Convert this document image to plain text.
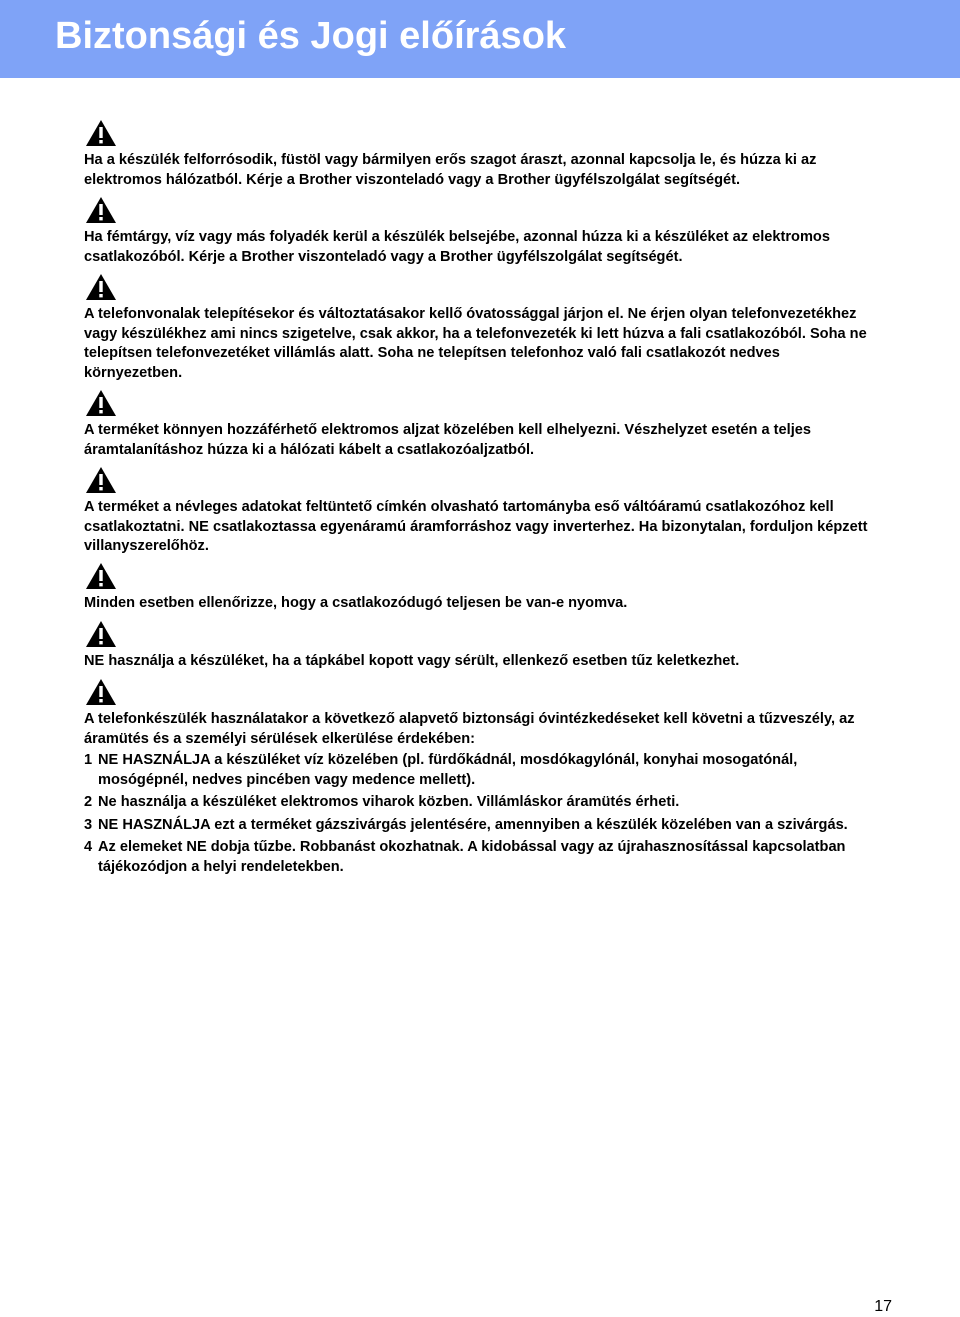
Biztonsági és Jogi előírások

Ha a készülék felforrósodik, füstöl vagy bármilyen erős szagot áraszt, azonnal kapcsolja le, és húzza ki az elektromos hálózatból. Kérje a Brother viszonteladó vagy a Brother ügyfélszolgálat segítségét.

Ha fémtárgy, víz vagy más folyadék kerül a készülék belsejébe, azonnal húzza ki a készüléket az elektromos csatlakozóból. Kérje a Brother viszonteladó vagy a Brother ügyfélszolgálat segítségét.

A telefonvonalak telepítésekor és változtatásakor kellő óvatossággal járjon el. Ne érjen olyan telefonvezetékhez vagy készülékhez ami nincs szigetelve, csak akkor, ha a telefonvezeték ki lett húzva a fali csatlakozóból. Soha ne telepítsen telefonvezetéket villámlás alatt. Soha ne telepítsen telefonhoz való fali csatlakozót nedves környezetben.

A terméket könnyen hozzáférhető elektromos aljzat közelében kell elhelyezni. Vészhelyzet esetén a teljes áramtalanításhoz húzza ki a hálózati kábelt a csatlakozóaljzatból.

A terméket a névleges adatokat feltüntető címkén olvasható tartományba eső váltóáramú csatlakozóhoz kell csatlakoztatni. NE csatlakoztassa egyenáramú áramforráshoz vagy inverterhez. Ha bizonytalan, forduljon képzett villanyszerelőhöz.

Minden esetben ellenőrizze, hogy a csatlakozódugó teljesen be van-e nyomva.

NE használja a készüléket, ha a tápkábel kopott vagy sérült, ellenkező esetben tűz keletkezhet.

A telefonkészülék használatakor a következő alapvető biztonsági óvintézkedéseket kell követni a tűzveszély, az áramütés és a személyi sérülések elkerülése érdekében:

1 NE HASZNÁLJA a készüléket víz közelében (pl. fürdőkádnál, mosdókagylónál, konyhai mosogatónál, mosógépnél, nedves pincében vagy medence mellett).
2 Ne használja a készüléket elektromos viharok közben. Villámláskor áramütés érheti.
3 NE HASZNÁLJA ezt a terméket gázszivárgás jelentésére, amennyiben a készülék közelében van a szivárgás.
4 Az elemeket NE dobja tűzbe. Robbanást okozhatnak. A kidobással vagy az újrahasznosítással kapcsolatban tájékozódjon a helyi rendeletekben.
17
